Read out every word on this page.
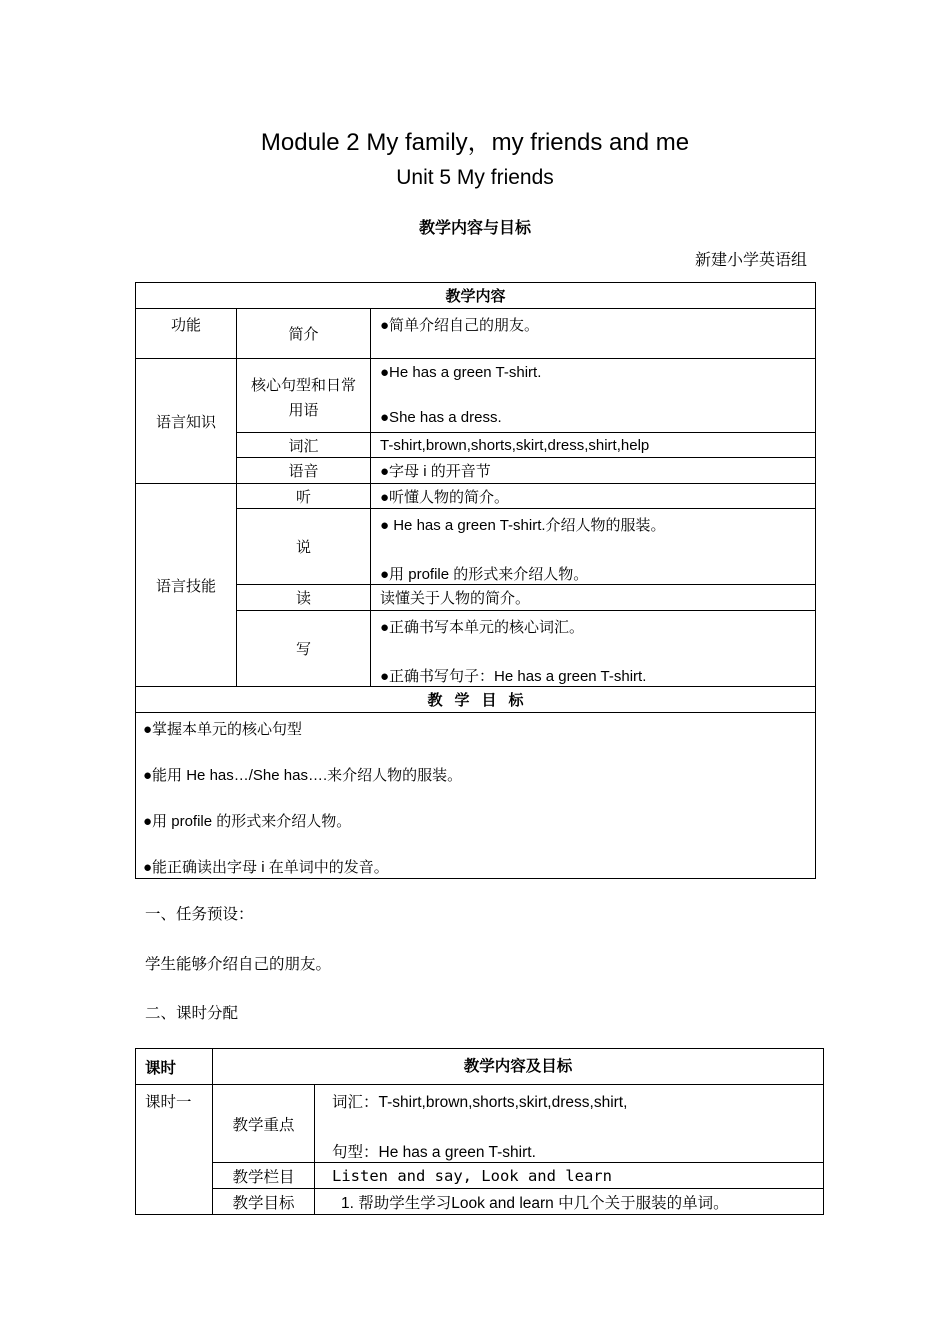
Module 2 My family，my friends and me
Unit 5 My friends
教学内容与目标
新建小学英语组
教学内容		
功能	简介	●简单介绍自己的朋友。
语言知识	核心句型和日常用语	●He has a green T-shirt.
●She has a dress.

	词汇	T-shirt,brown,shorts,skirt,dress,shirt,help
	语音	●字母 i 的开音节
语言技能	听	●听懂人物的简介。
	说	● He has a green T-shirt.介绍人物的服装。
●用 profile 的形式来介绍人物。

	读	读懂关于人物的简介。
	写	●正确书写本单元的核心词汇。
●正确书写句子：He has a green T-shirt.

教学目标		

●掌握本单元的核心句型

●能用 He has…/She has….来介绍人物的服装。

●用 profile 的形式来介绍人物。

●能正确读出字母 i 在单词中的发音。		

一、任务预设：
学生能够介绍自己的朋友。
二、课时分配
课时	教学内容及目标	
课时一	教学重点	词汇：T-shirt,brown,shorts,skirt,dress,shirt,
句型：He has a green T-shirt.

	教学栏目	Listen and say, Look and learn
	教学目标	1. 帮助学生学习Look and learn 中几个关于服装的单词。
